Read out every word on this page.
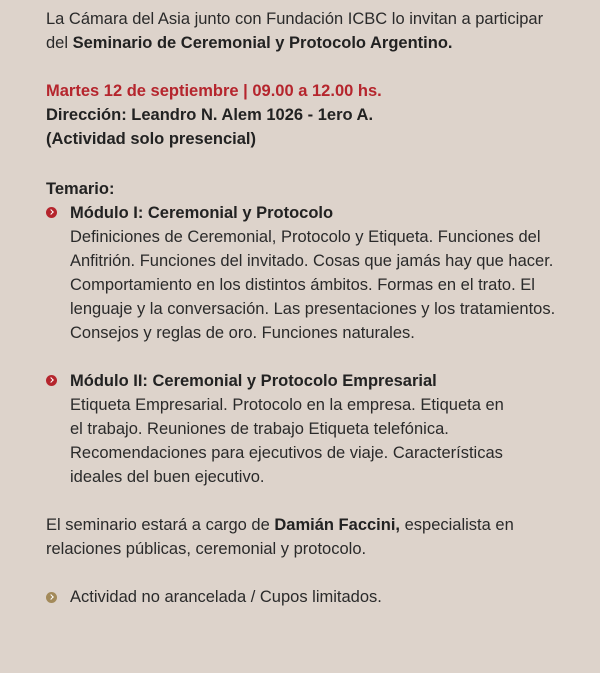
La Cámara del Asia junto con Fundación ICBC lo invitan a participar

del Seminario de Ceremonial y Protocolo Argentino.

Martes 12 de septiembre | 09.00 a 12.00 hs.

Dirección: Leandro N. Alem 1026 - 1ero A.

(Actividad solo presencial)

Temario:

Módulo I: Ceremonial y Protocolo

Definiciones de Ceremonial, Protocolo y Etiqueta. Funciones del

Anfitrión. Funciones del invitado. Cosas que jamás hay que hacer.

Comportamiento en los distintos ámbitos. Formas en el trato. El

lenguaje y la conversación. Las presentaciones y los tratamientos.

Consejos y reglas de oro. Funciones naturales.

Módulo II: Ceremonial y Protocolo Empresarial

Etiqueta Empresarial. Protocolo en la empresa. Etiqueta en

el trabajo. Reuniones de trabajo Etiqueta telefónica.

Recomendaciones para ejecutivos de viaje. Características

ideales del buen ejecutivo.

El seminario estará a cargo de Damián Faccini, especialista en

relaciones públicas, ceremonial y protocolo.

Actividad no arancelada / Cupos limitados.
